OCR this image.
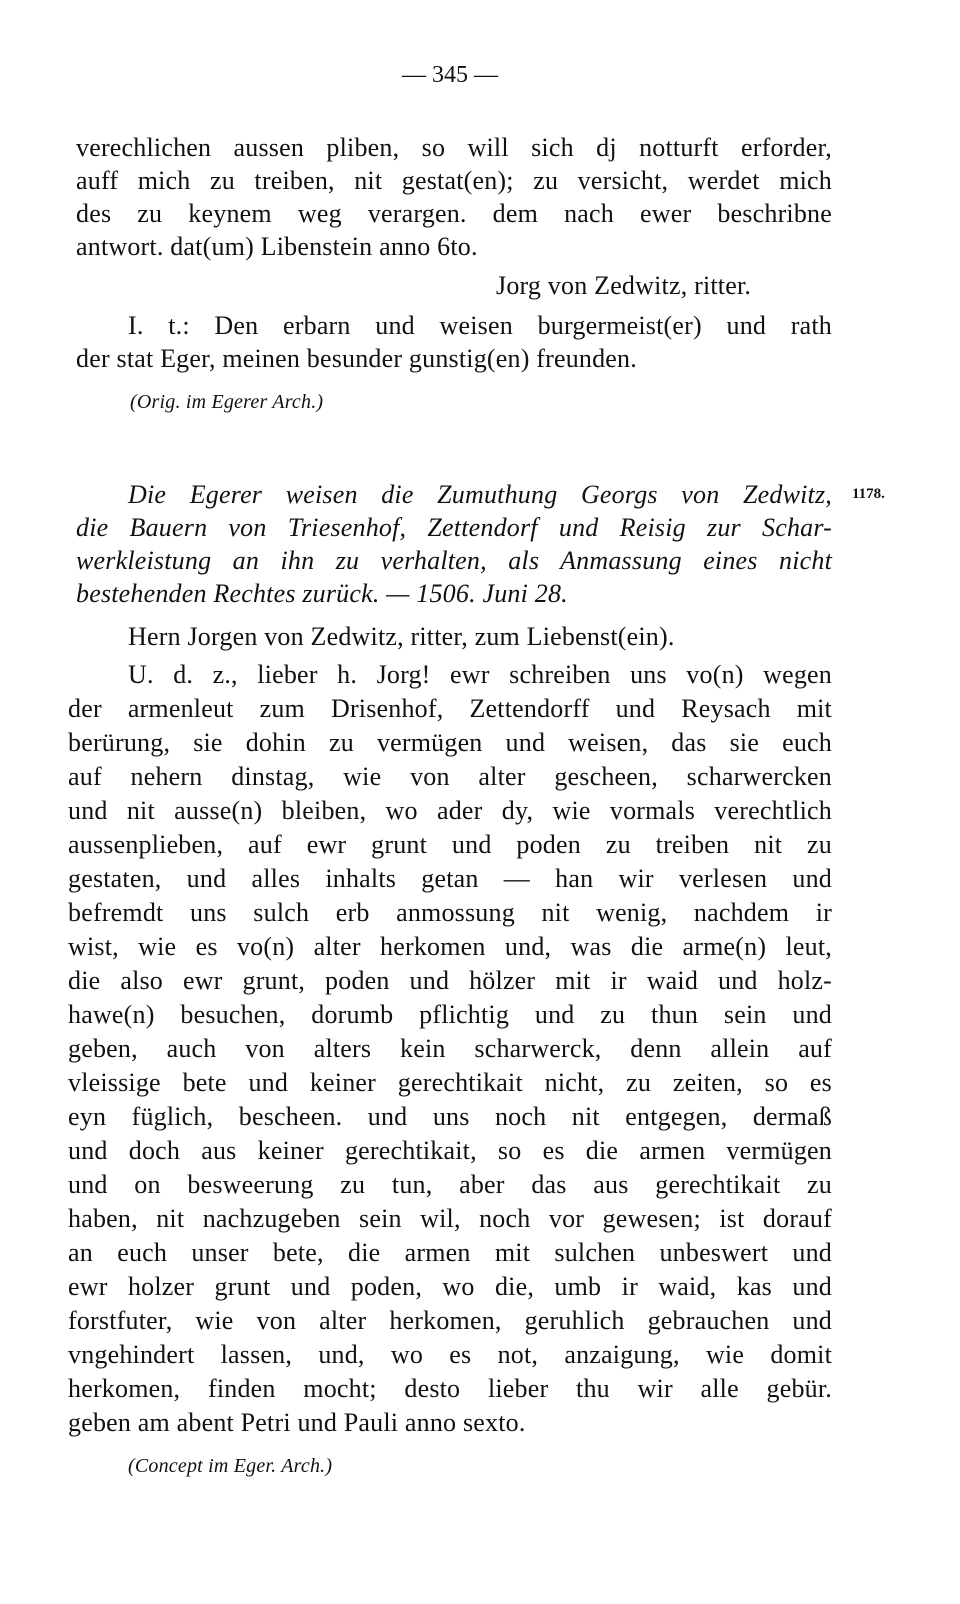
— 345 —
verechlichen aussen pliben, so will sich dj notturft erforder,
auff mich zu treiben, nit gestat(en); zu versicht, werdet mich
des zu keynem weg verargen. dem nach ewer beschribne
antwort. dat(um) Libenstein anno 6to.
Jorg von Zedwitz, ritter.
I. t.: Den erbarn und weisen burgermeist(er) und rath
der stat Eger, meinen besunder gunstig(en) freunden.
(Orig. im Egerer Arch.)
1178.
Die Egerer weisen die Zumuthung Georgs von Zedwitz,
die Bauern von Triesenhof, Zettendorf und Reisig zur Schar-
werkleistung an ihn zu verhalten, als Anmassung eines nicht
bestehenden Rechtes zurück. — 1506. Juni 28.
Hern Jorgen von Zedwitz, ritter, zum Liebenst(ein).
U. d. z., lieber h. Jorg! ewr schreiben uns vo(n) wegen
der armenleut zum Drisenhof, Zettendorff und Reysach mit
berürung, sie dohin zu vermügen und weisen, das sie euch
auf nehern dinstag, wie von alter gescheen, scharwercken
und nit ausse(n) bleiben, wo ader dy, wie vormals verechtlich
aussenplieben, auf ewr grunt und poden zu treiben nit zu
gestaten, und alles inhalts getan — han wir verlesen und
befremdt uns sulch erb anmossung nit wenig, nachdem ir
wist, wie es vo(n) alter herkomen und, was die arme(n) leut,
die also ewr grunt, poden und hölzer mit ir waid und holz-
hawe(n) besuchen, dorumb pflichtig und zu thun sein und
geben, auch von alters kein scharwerck, denn allein auf
vleissige bete und keiner gerechtikait nicht, zu zeiten, so es
eyn füglich, bescheen. und uns noch nit entgegen, dermaß
und doch aus keiner gerechtikait, so es die armen vermügen
und on besweerung zu tun, aber das aus gerechtikait zu
haben, nit nachzugeben sein wil, noch vor gewesen; ist dorauf
an euch unser bete, die armen mit sulchen unbeswert und
ewr holzer grunt und poden, wo die, umb ir waid, kas und
forstfuter, wie von alter herkomen, geruhlich gebrauchen und
vngehindert lassen, und, wo es not, anzaigung, wie domit
herkomen, finden mocht; desto lieber thu wir alle gebür.
geben am abent Petri und Pauli anno sexto.
(Concept im Eger. Arch.)
